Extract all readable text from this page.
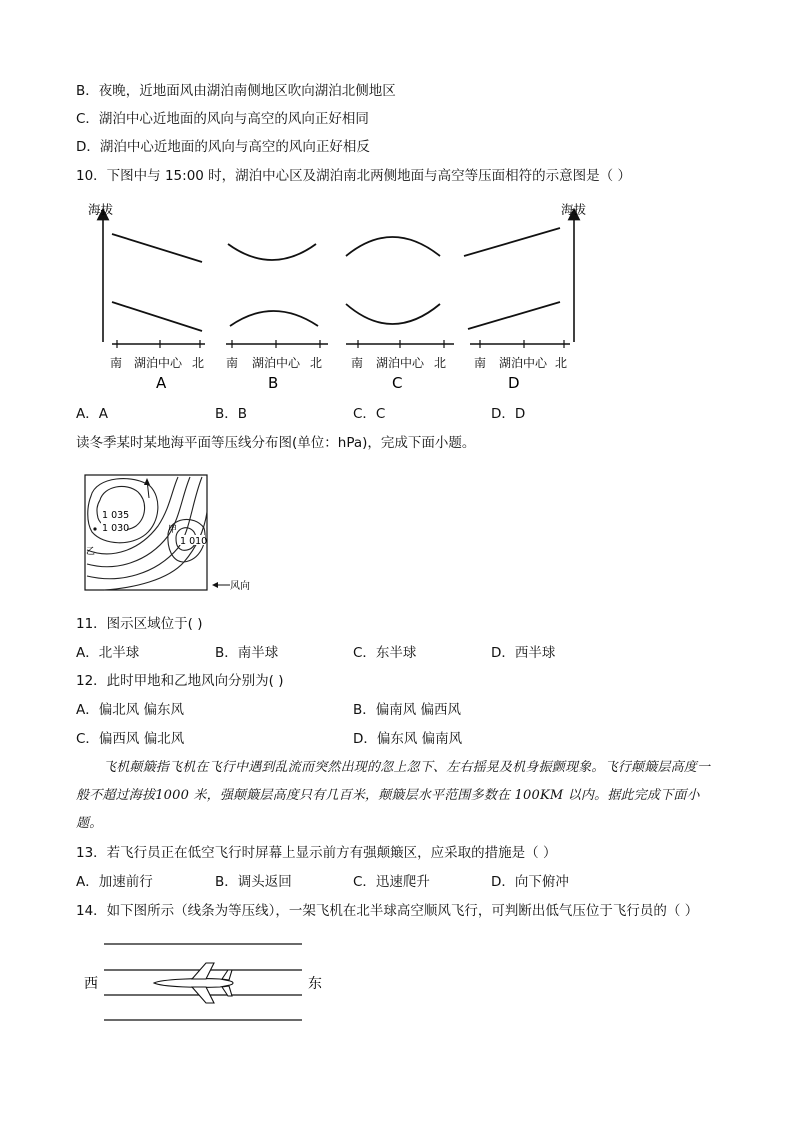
B．夜晚，近地面风由湖泊南侧地区吹向湖泊北侧地区
C．湖泊中心近地面的风向与高空的风向正好相同
D．湖泊中心近地面的风向与高空的风向正好相反
10．下图中与 15:00 时，湖泊中心区及湖泊南北两侧地面与高空等压面相符的示意图是（ ）
海拔	海拔
南 湖泊中心 北
A
南 湖泊中心 北
B
南 湖泊中心 北
C
南 湖泊中心 北
D
A．A	B．B	C．C	D．D
读冬季某时某地海平面等压线分布图(单位：hPa)，完成下面小题。
1 035
1 030
1 010
甲
乙
风向
11．图示区域位于( )
A．北半球	B．南半球	C．东半球	D．西半球
12．此时甲地和乙地风向分别为( )
A．偏北风 偏东风	B．偏南风 偏西风
C．偏西风 偏北风	D．偏东风 偏南风
飞机颠簸指飞机在飞行中遇到乱流而突然出现的忽上忽下、左右摇晃及机身振颤现象。飞行颠簸层高度一般不超过海拔1000 米，强颠簸层高度只有几百米，颠簸层水平范围多数在 100KM 以内。据此完成下面小题。
13．若飞行员正在低空飞行时屏幕上显示前方有强颠簸区，应采取的措施是（ ）
A．加速前行	B．调头返回	C．迅速爬升	D．向下俯冲
14．如下图所示（线条为等压线），一架飞机在北半球高空顺风飞行，可判断出低气压位于飞行员的（ ）
西	东
